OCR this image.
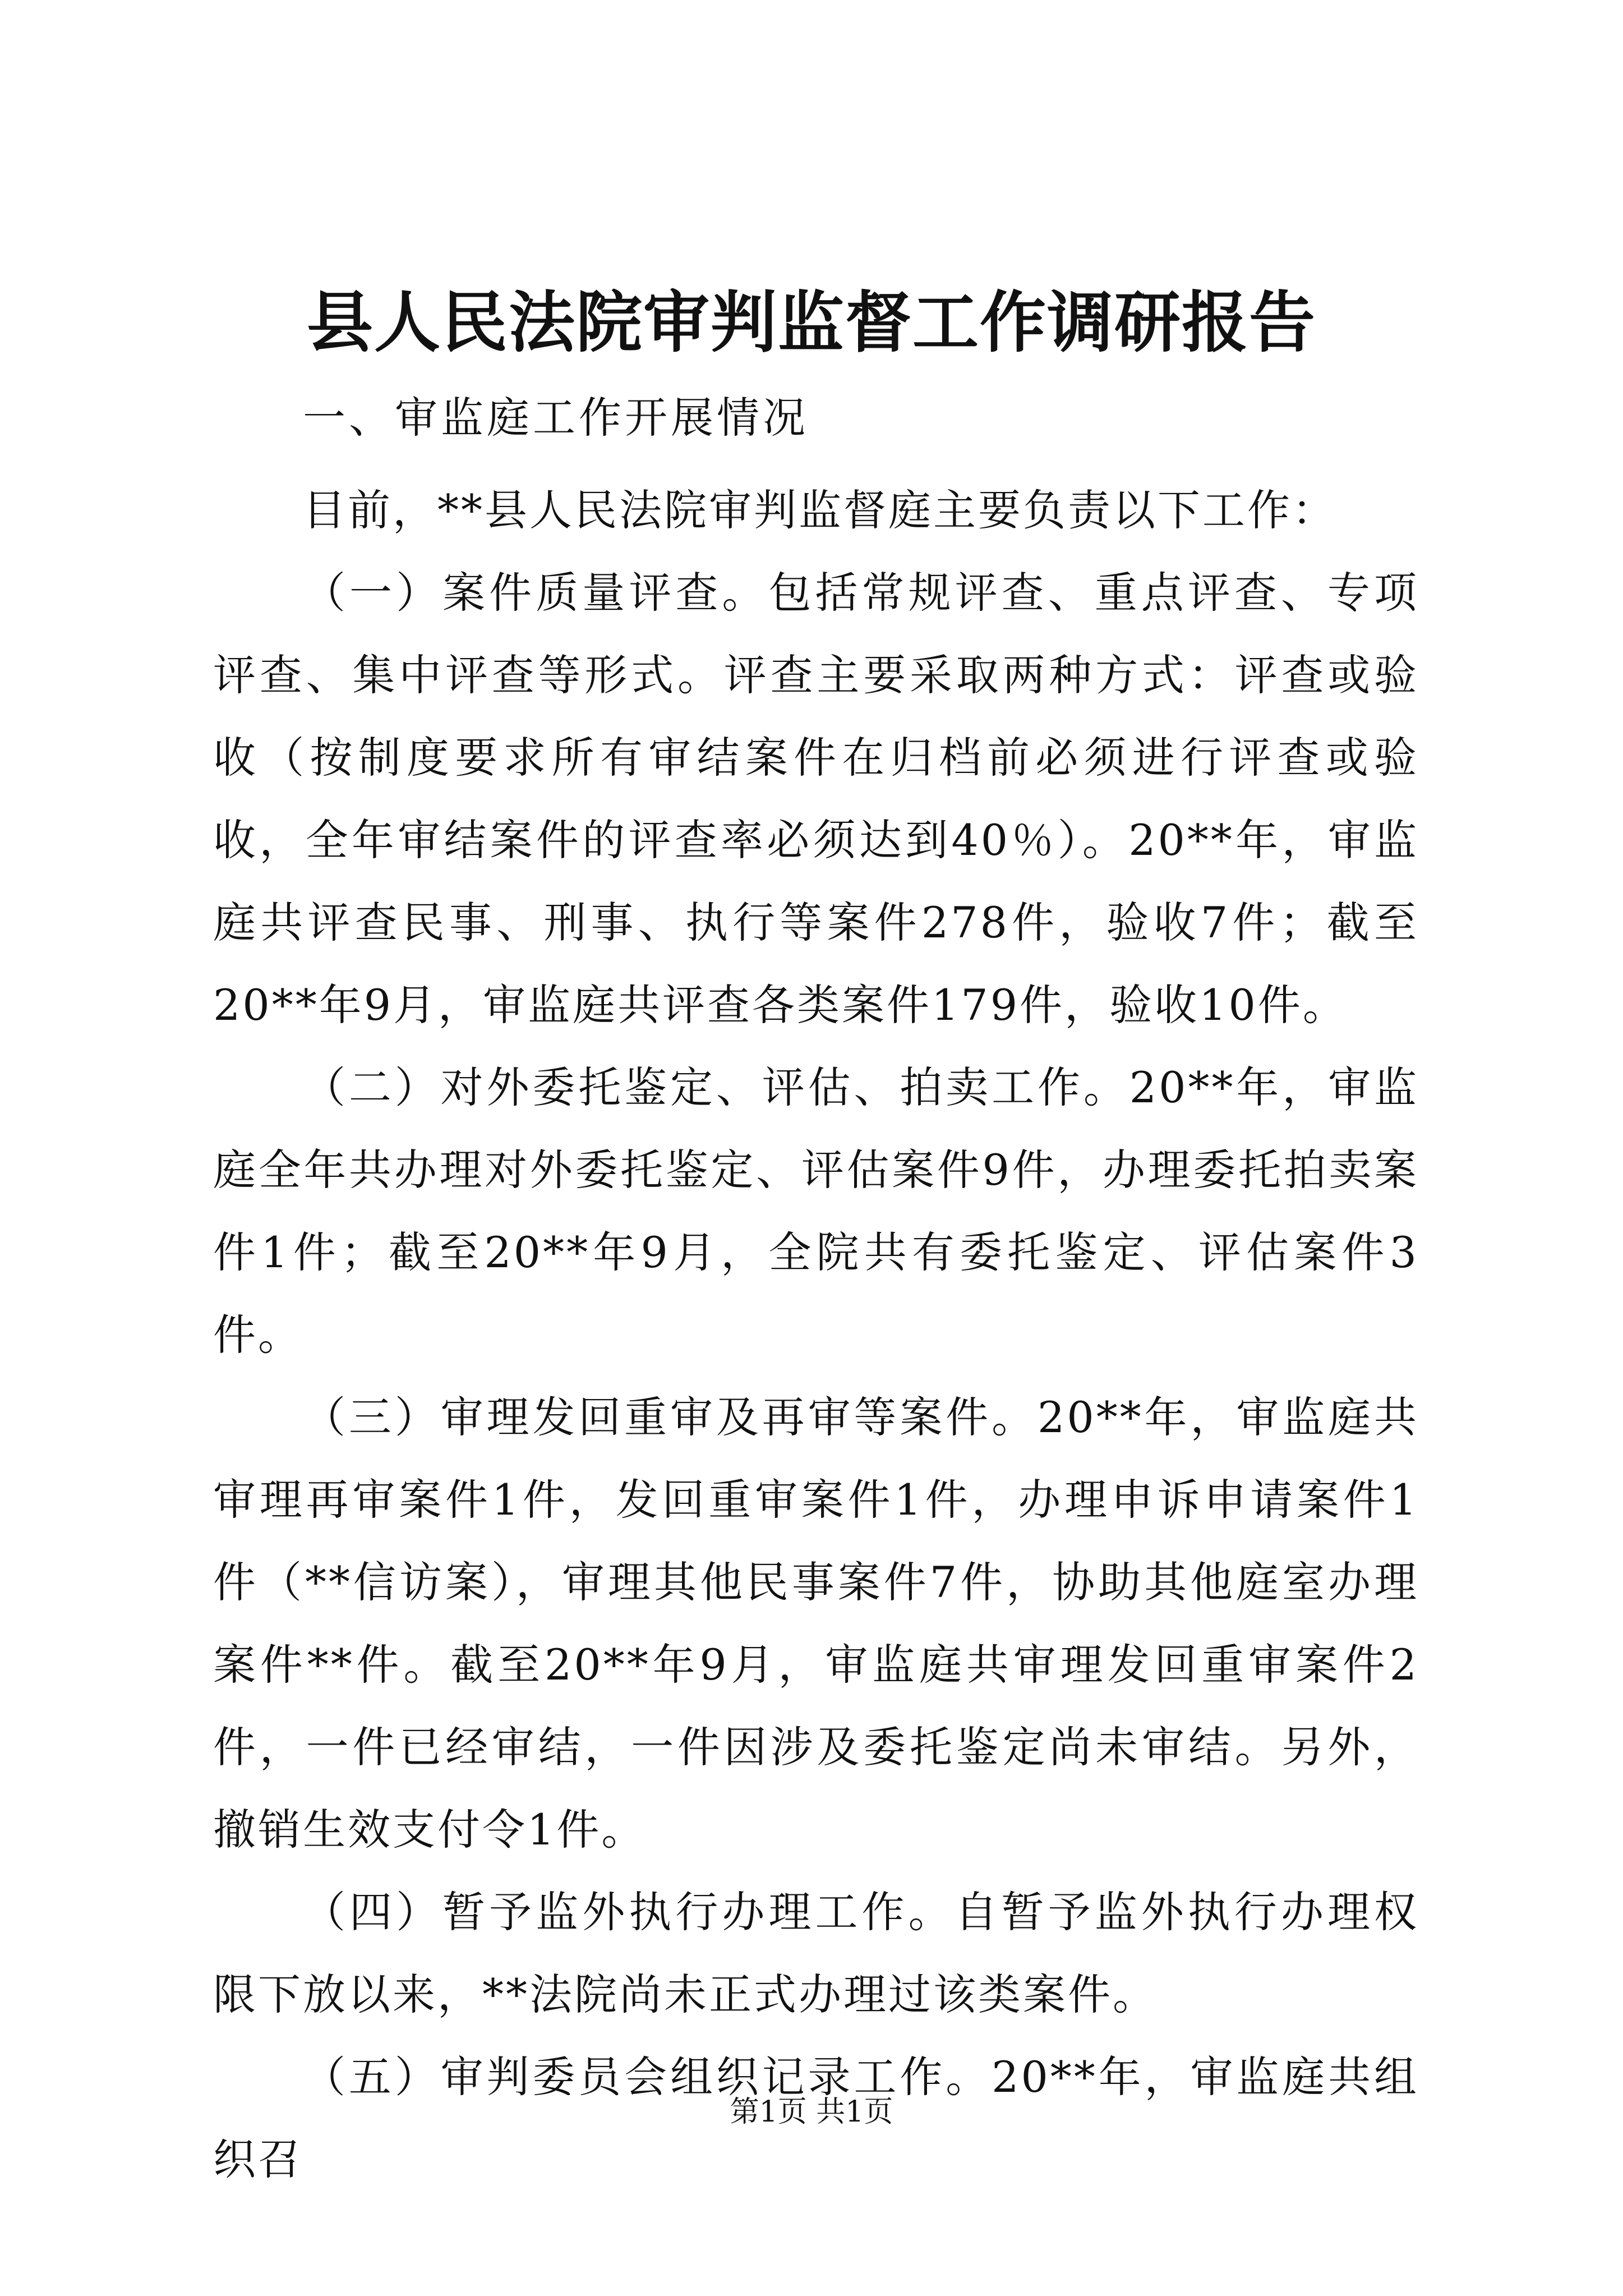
县人民法院审判监督工作调研报告
一、审监庭工作开展情况

目前，**县人民法院审判监督庭主要负责以下工作：

（一）案件质量评查。包括常规评查、重点评查、专项评查、集中评查等形式。评查主要采取两种方式：评查或验收（按制度要求所有审结案件在归档前必须进行评查或验收，全年审结案件的评查率必须达到40％）。20**年，审监庭共评查民事、刑事、执行等案件278件，验收7件；截至20**年9月，审监庭共评查各类案件179件，验收10件。

（二）对外委托鉴定、评估、拍卖工作。20**年，审监庭全年共办理对外委托鉴定、评估案件9件，办理委托拍卖案件1件；截至20**年9月，全院共有委托鉴定、评估案件3件。

（三）审理发回重审及再审等案件。20**年，审监庭共审理再审案件1件，发回重审案件1件，办理申诉申请案件1件（**信访案），审理其他民事案件7件，协助其他庭室办理案件**件。截至20**年9月，审监庭共审理发回重审案件2件，一件已经审结，一件因涉及委托鉴定尚未审结。另外，撤销生效支付令1件。

（四）暂予监外执行办理工作。自暂予监外执行办理权限下放以来，**法院尚未正式办理过该类案件。

（五）审判委员会组织记录工作。20**年，审监庭共组织召

第1页 共1页
